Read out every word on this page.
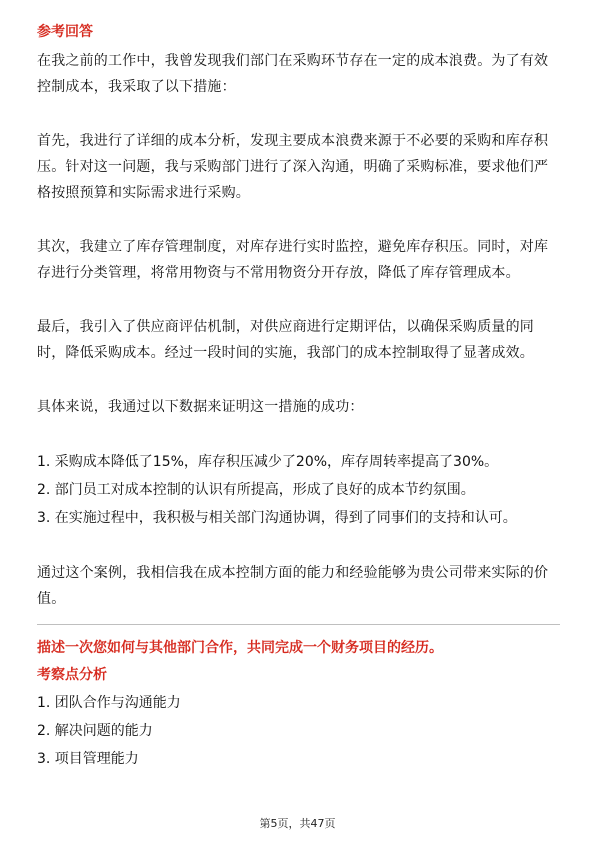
参考回答

在我之前的工作中，我曾发现我们部门在采购环节存在一定的成本浪费。为了有效控制成本，我采取了以下措施：

首先，我进行了详细的成本分析，发现主要成本浪费来源于不必要的采购和库存积压。针对这一问题，我与采购部门进行了深入沟通，明确了采购标准，要求他们严格按照预算和实际需求进行采购。

其次，我建立了库存管理制度，对库存进行实时监控，避免库存积压。同时，对库存进行分类管理，将常用物资与不常用物资分开存放，降低了库存管理成本。

最后，我引入了供应商评估机制，对供应商进行定期评估，以确保采购质量的同时，降低采购成本。经过一段时间的实施，我部门的成本控制取得了显著成效。

具体来说，我通过以下数据来证明这一措施的成功：

1. 采购成本降低了15%，库存积压减少了20%，库存周转率提高了30%。

2. 部门员工对成本控制的认识有所提高，形成了良好的成本节约氛围。

3. 在实施过程中，我积极与相关部门沟通协调，得到了同事们的支持和认可。

通过这个案例，我相信我在成本控制方面的能力和经验能够为贵公司带来实际的价值。

描述一次您如何与其他部门合作，共同完成一个财务项目的经历。

考察点分析

1. 团队合作与沟通能力

2. 解决问题的能力

3. 项目管理能力

第5页，共47页
